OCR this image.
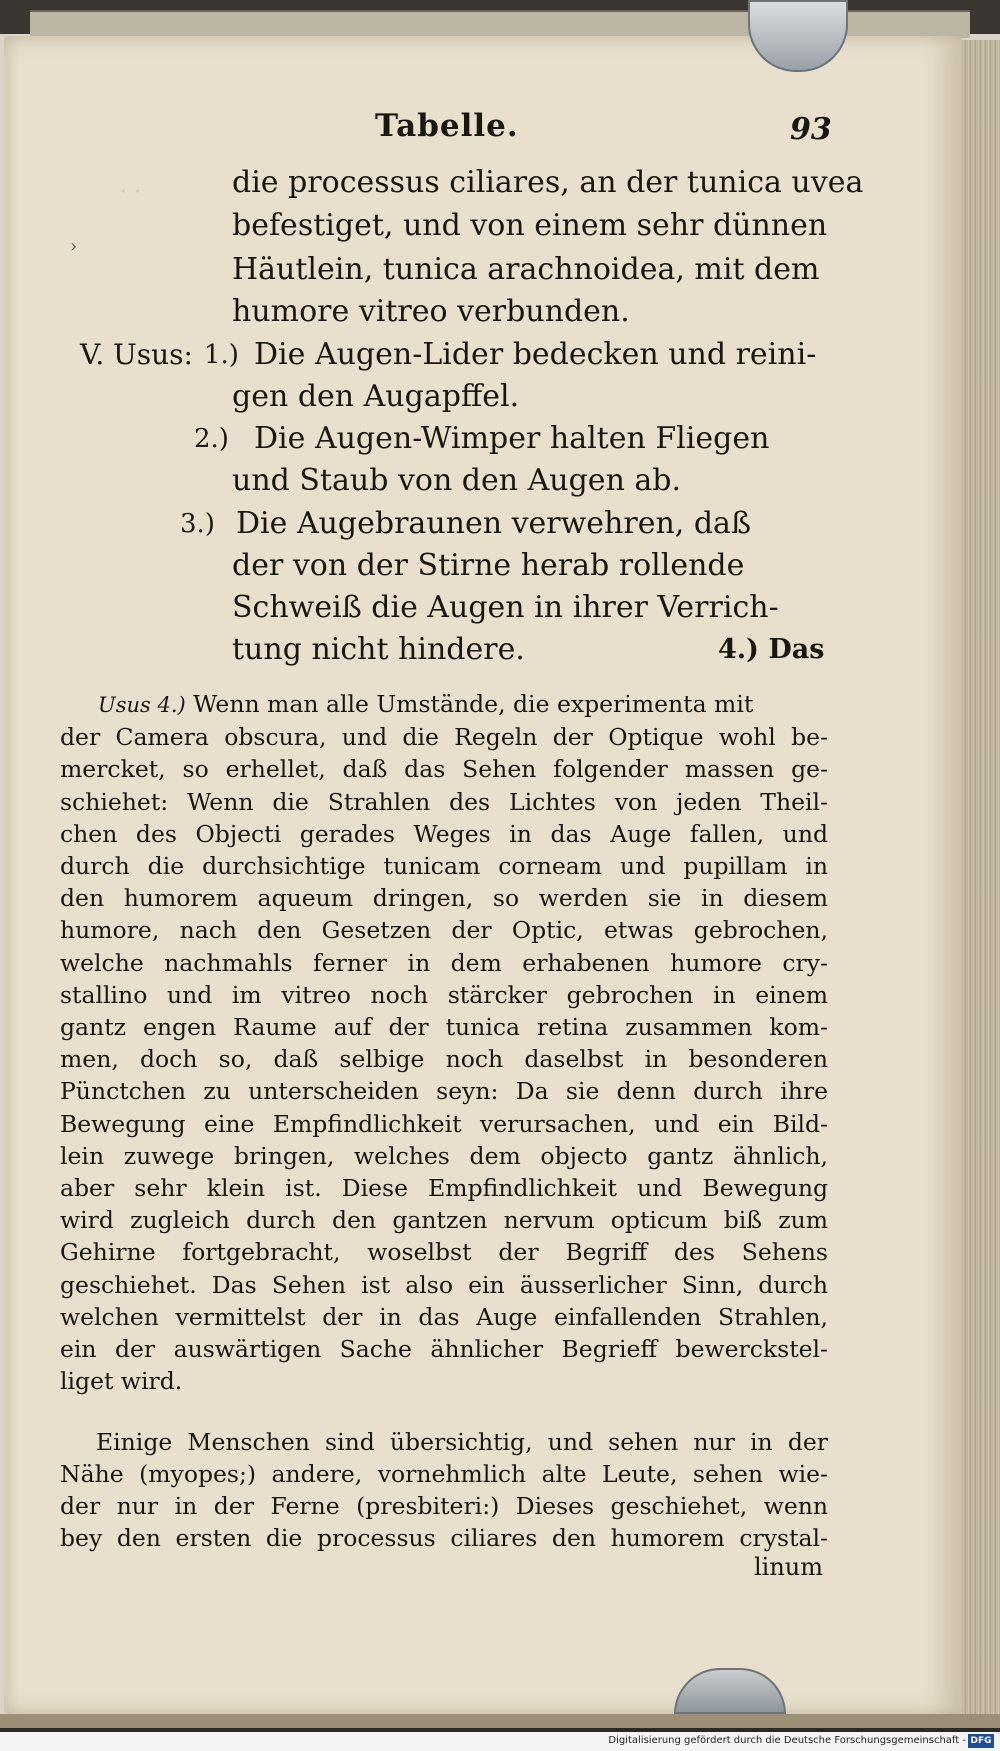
Tabelle.	93
die processus ciliares, an der tunica uvea
befestiget, und von einem sehr dünnen
Häutlein, tunica arachnoidea, mit dem
humore vitreo verbunden.
V. Usus: 1.) Die Augen-Lider bedecken und reini-
gen den Augapffel.
2.) Die Augen-Wimper halten Fliegen
und Staub von den Augen ab.
3.) Die Augebraunen verwehren, daß
der von der Stirne herab rollende
Schweiß die Augen in ihrer Verrich-
tung nicht hindere.	4.) Das
· ·
›
Usus 4.) Wenn man alle Umstände, die experimenta mit
der Camera obscura, und die Regeln der Optique wohl be-
mercket, so erhellet, daß das Sehen folgender massen ge-
schiehet: Wenn die Strahlen des Lichtes von jeden Theil-
chen des Objecti gerades Weges in das Auge fallen, und
durch die durchsichtige tunicam corneam und pupillam in
den humorem aqueum dringen, so werden sie in diesem
humore, nach den Gesetzen der Optic, etwas gebrochen,
welche nachmahls ferner in dem erhabenen humore cry-
stallino und im vitreo noch stärcker gebrochen in einem
gantz engen Raume auf der tunica retina zusammen kom-
men, doch so, daß selbige noch daselbst in besonderen
Pünctchen zu unterscheiden seyn: Da sie denn durch ihre
Bewegung eine Empfindlichkeit verursachen, und ein Bild-
lein zuwege bringen, welches dem objecto gantz ähnlich,
aber sehr klein ist. Diese Empfindlichkeit und Bewegung
wird zugleich durch den gantzen nervum opticum biß zum
Gehirne fortgebracht, woselbst der Begriff des Sehens
geschiehet. Das Sehen ist also ein äusserlicher Sinn, durch
welchen vermittelst der in das Auge einfallenden Strahlen,
ein der auswärtigen Sache ähnlicher Begrieff bewerckstel-
liget wird.
Einige Menschen sind übersichtig, und sehen nur in der
Nähe (myopes;) andere, vornehmlich alte Leute, sehen wie-
der nur in der Ferne (presbiteri:) Dieses geschiehet, wenn
bey den ersten die processus ciliares den humorem crystal-
linum
Digitalisierung gefördert durch die Deutsche Forschungsgemeinschaft - DFG
